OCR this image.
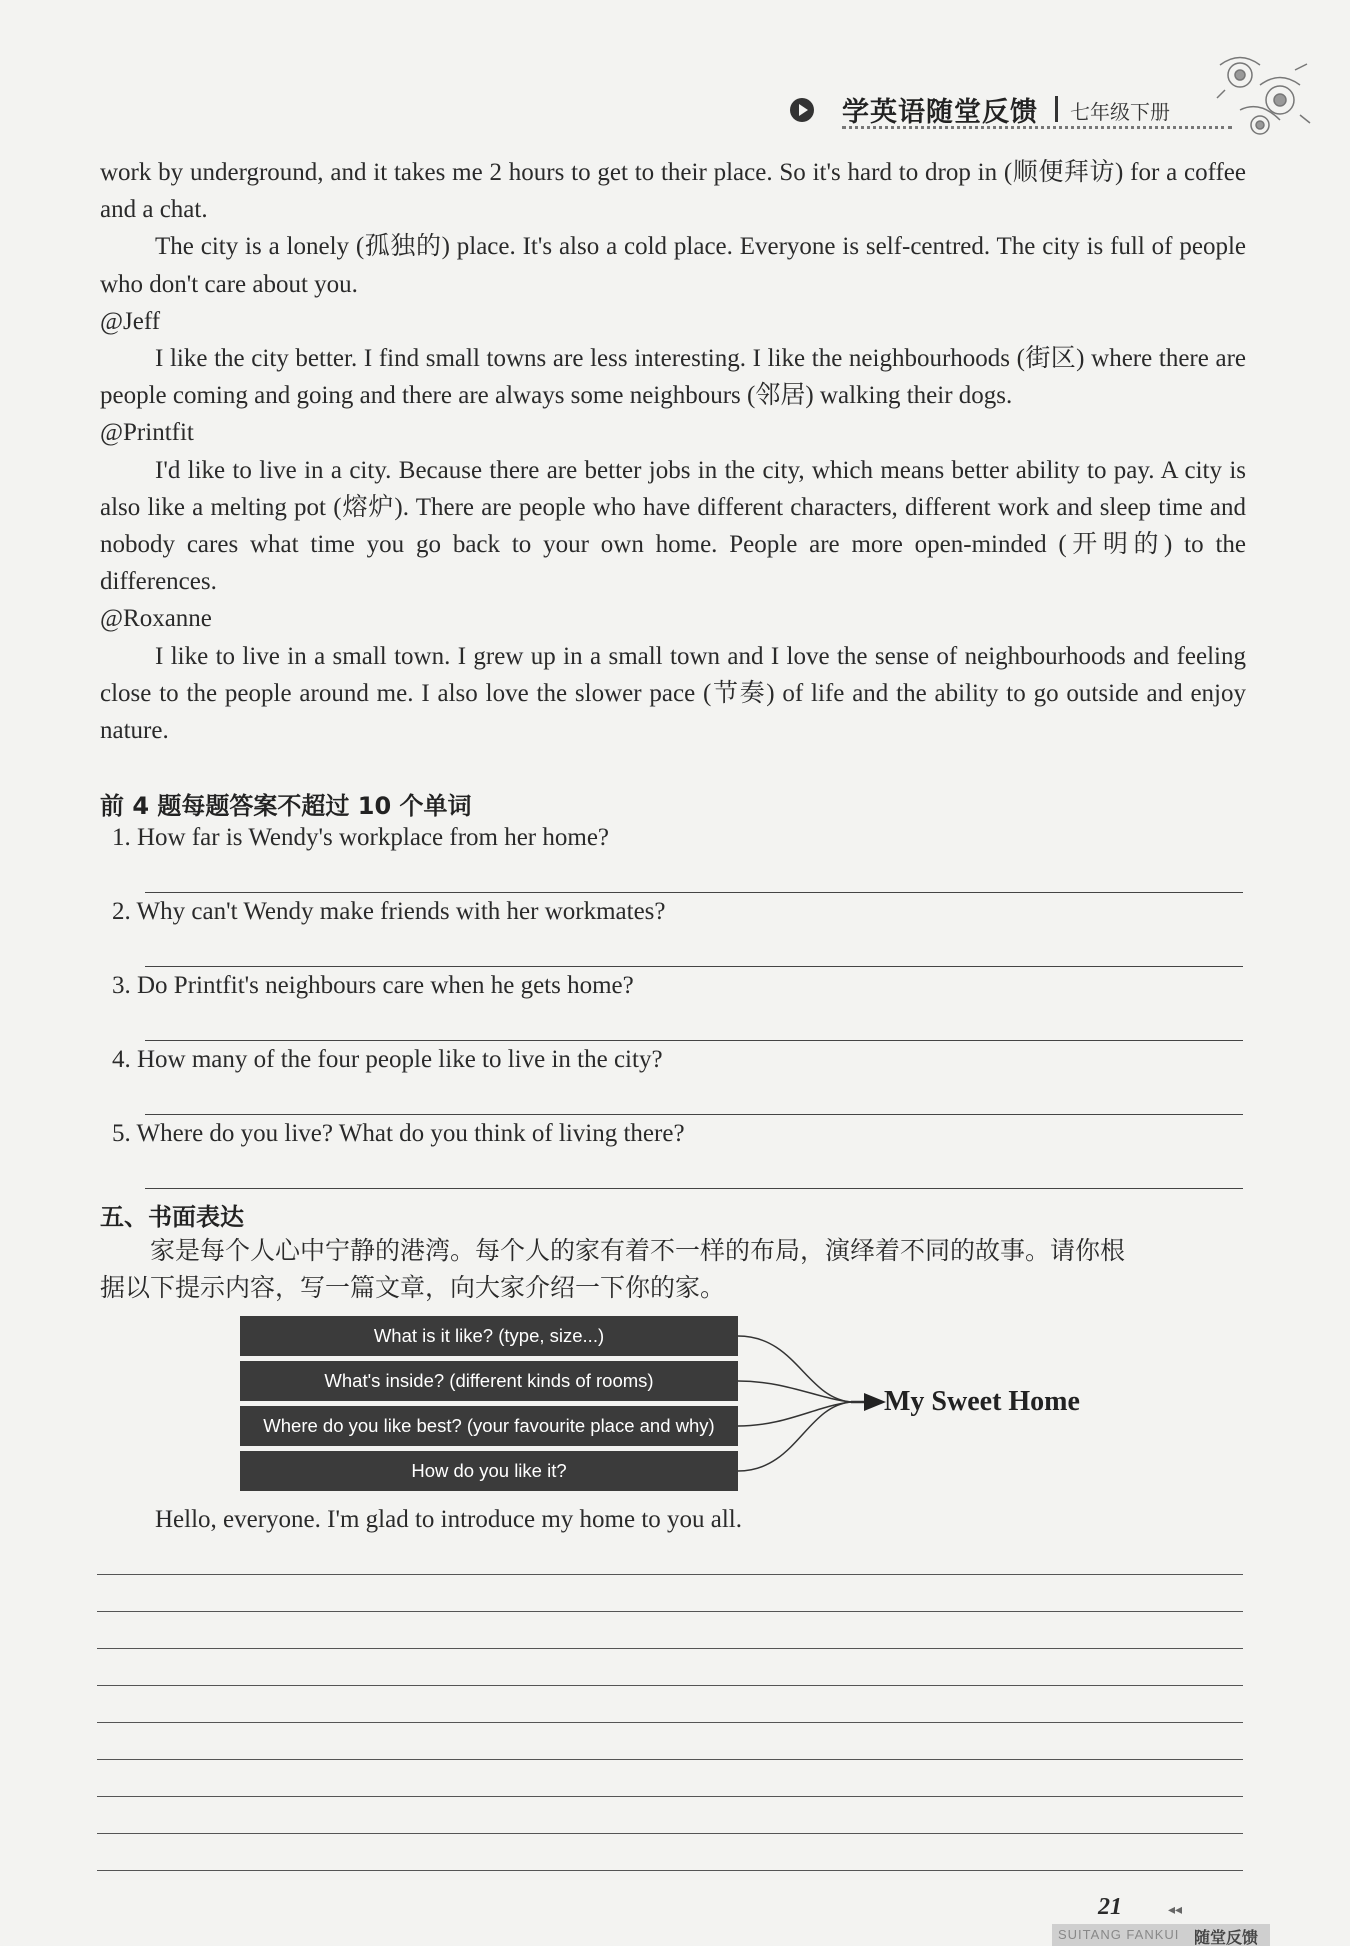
学英语随堂反馈 七年级下册

work by underground, and it takes me 2 hours to get to their place. So it's hard to drop in (顺便拜访) for a coffee and a chat.

The city is a lonely (孤独的) place. It's also a cold place. Everyone is self-centred. The city is full of people who don't care about you.

@Jeff

I like the city better. I find small towns are less interesting. I like the neighbourhoods (街区) where there are people coming and going and there are always some neighbours (邻居) walking their dogs.

@Printfit

I'd like to live in a city. Because there are better jobs in the city, which means better ability to pay. A city is also like a melting pot (熔炉). There are people who have different characters, different work and sleep time and nobody cares what time you go back to your own home. People are more open-minded (开明的) to the differences.

@Roxanne

I like to live in a small town. I grew up in a small town and I love the sense of neighbourhoods and feeling close to the people around me. I also love the slower pace (节奏) of life and the ability to go outside and enjoy nature.

前 4 题每题答案不超过 10 个单词
1. How far is Wendy's workplace from her home?
2. Why can't Wendy make friends with her workmates?
3. Do Printfit's neighbours care when he gets home?
4. How many of the four people like to live in the city?
5. Where do you live? What do you think of living there?
五、书面表达

家是每个人心中宁静的港湾。每个人的家有着不一样的布局，演绎着不同的故事。请你根

据以下提示内容，写一篇文章，向大家介绍一下你的家。

What is it like? (type, size...)
What's inside? (different kinds of rooms)
Where do you like best? (your favourite place and why)
How do you like it?
My Sweet Home
Hello, everyone. I'm glad to introduce my home to you all.
21	◂◂
SUITANG FANKUI 随堂反馈
